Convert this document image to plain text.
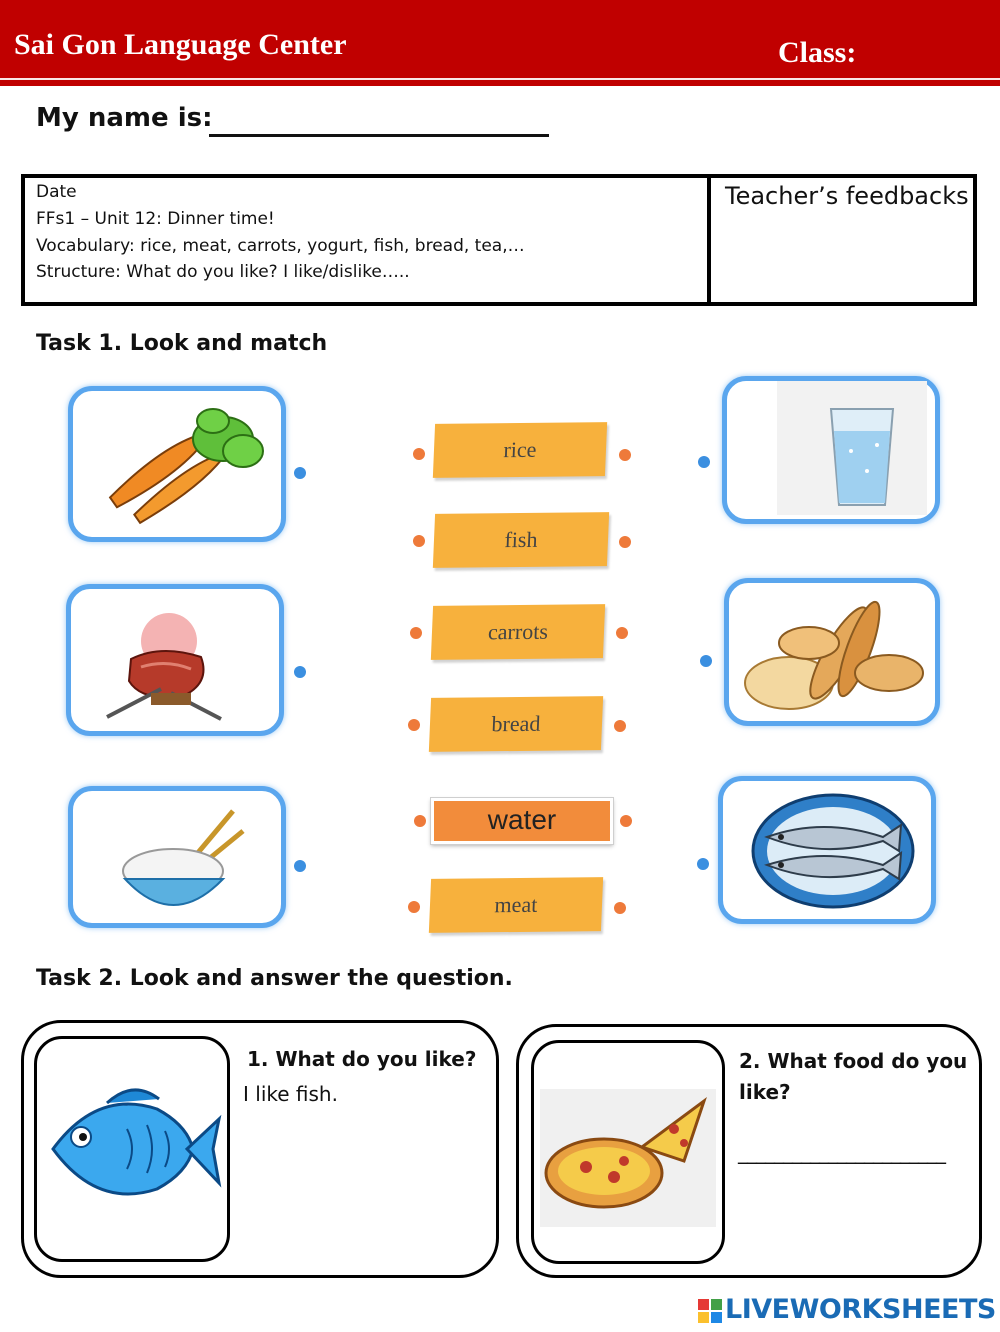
Sai Gon Language Center	Class:
My name is:
Date
FFs1 – Unit 12: Dinner time!
Vocabulary: rice, meat, carrots, yogurt, fish, bread, tea,…
Structure: What do you like? I like/dislike…..
Teacher’s feedbacks
Task 1. Look and match
rice
fish
carrots
bread
water
meat
Task 2. Look and answer the question.
1. What do you like?
I like fish.
2. What food do you
like?
_______________________
LIVEWORKSHEETS
